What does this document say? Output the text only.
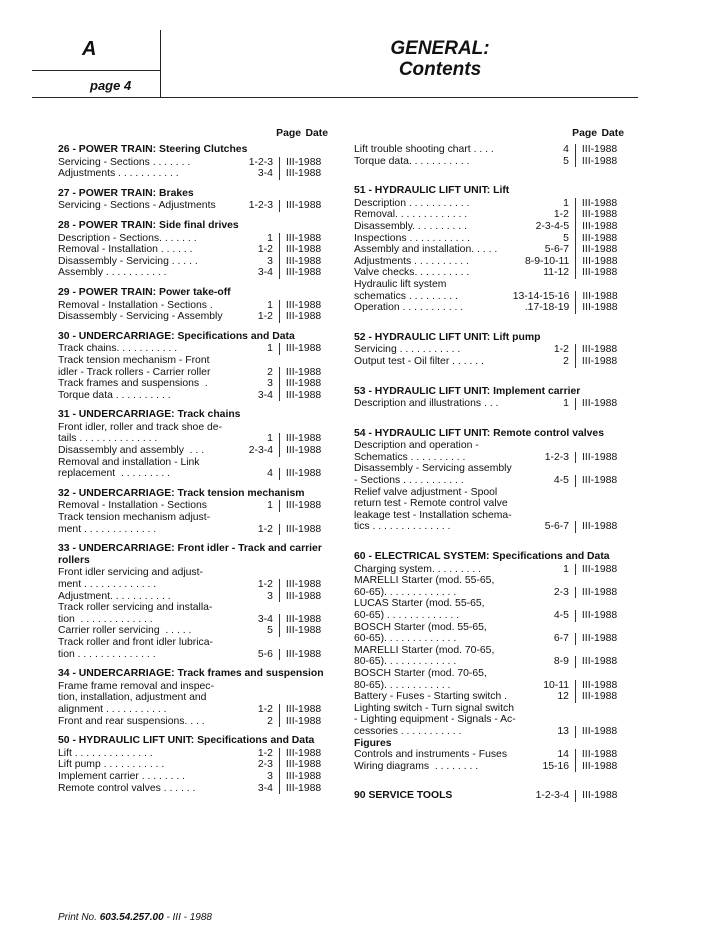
A
page 4
GENERAL:
Contents
Page Date
26 - POWER TRAIN: Steering Clutches
Servicing - Sections . . . . . . .	1-2-3	III-1988
Adjustments . . . . . . . . . . .	3-4	III-1988
27 - POWER TRAIN: Brakes
Servicing - Sections - Adjustments	1-2-3	III-1988
28 - POWER TRAIN: Side final drives
Description - Sections. . . . . . .	1	III-1988
Removal - Installation . . . . . .	1-2	III-1988
Disassembly - Servicing . . . . .	3	III-1988
Assembly . . . . . . . . . . .	3-4	III-1988
29 - POWER TRAIN: Power take-off
Removal - Installation - Sections .	1	III-1988
Disassembly - Servicing - Assembly	1-2	III-1988
30 - UNDERCARRIAGE: Specifications and Data
Track chains. . . . . . . . . . .	1	III-1988
Track tension mechanism - Front
idler - Track rollers - Carrier roller	2	III-1988
Track frames and suspensions  .	3	III-1988
Torque data . . . . . . . . . .	3-4	III-1988
31 - UNDERCARRIAGE: Track chains
Front idler, roller and track shoe de-
tails . . . . . . . . . . . . . .	1	III-1988
Disassembly and assembly  . . .	2-3-4	III-1988
Removal and installation - Link
replacement  . . . . . . . . .	4	III-1988
32 - UNDERCARRIAGE: Track tension mechanism
Removal - Installation - Sections	1	III-1988
Track tension mechanism adjust-
ment . . . . . . . . . . . . .	1-2	III-1988
33 - UNDERCARRIAGE: Front idler - Track and carrier rollers
Front idler servicing and adjust-
ment . . . . . . . . . . . . .	1-2	III-1988
Adjustment. . . . . . . . . . .	3	III-1988
Track roller servicing and installa-
tion  . . . . . . . . . . . . .	3-4	III-1988
Carrier roller servicing  . . . . .	5	III-1988
Track roller and front idler lubrica-
tion . . . . . . . . . . . . . .	5-6	III-1988
34 - UNDERCARRIAGE: Track frames and suspension
Frame frame removal and inspec-
tion, installation, adjustment and
alignment . . . . . . . . . . .	1-2	III-1988
Front and rear suspensions. . . .	2	III-1988
50 - HYDRAULIC LIFT UNIT: Specifications and Data
Lift . . . . . . . . . . . . . .	1-2	III-1988
Lift pump . . . . . . . . . . .	2-3	III-1988
Implement carrier . . . . . . . .	3	III-1988
Remote control valves . . . . . .	3-4	III-1988
Page Date
Lift trouble shooting chart . . . .	4	III-1988
Torque data. . . . . . . . . . .	5	III-1988
51 - HYDRAULIC LIFT UNIT: Lift
Description . . . . . . . . . . .	1	III-1988
Removal. . . . . . . . . . . . .	1-2	III-1988
Disassembly. . . . . . . . . .	2-3-4-5	III-1988
Inspections . . . . . . . . . . .	5	III-1988
Assembly and installation. . . . .	5-6-7	III-1988
Adjustments . . . . . . . . . .	8-9-10-11	III-1988
Valve checks. . . . . . . . . .	11-12	III-1988
Hydraulic lift system
schematics . . . . . . . . .	13-14-15-16	III-1988
Operation . . . . . . . . . . .	.17-18-19	III-1988
52 - HYDRAULIC LIFT UNIT: Lift pump
Servicing . . . . . . . . . . .	1-2	III-1988
Output test - Oil filter . . . . . .	2	III-1988
53 - HYDRAULIC LIFT UNIT: Implement carrier
Description and illustrations . . .	1	III-1988
54 - HYDRAULIC LIFT UNIT: Remote control valves
Description and operation -
Schematics . . . . . . . . . .	1-2-3	III-1988
Disassembly - Servicing assembly
- Sections . . . . . . . . . . .	4-5	III-1988
Relief valve adjustment - Spool
return test - Remote control valve
leakage test - Installation schema-
tics . . . . . . . . . . . . . .	5-6-7	III-1988
60 - ELECTRICAL SYSTEM: Specifications and Data
Charging system. . . . . . . . .	1	III-1988
MARELLI Starter (mod. 55-65,
60-65). . . . . . . . . . . . .	2-3	III-1988
LUCAS Starter (mod. 55-65,
60-65) . . . . . . . . . . . . .	4-5	III-1988
BOSCH Starter (mod. 55-65,
60-65). . . . . . . . . . . . .	6-7	III-1988
MARELLI Starter (mod. 70-65,
80-65). . . . . . . . . . . . .	8-9	III-1988
BOSCH Starter (mod. 70-65,
80-65). . . . . . . . . . . .	10-11	III-1988
Battery - Fuses - Starting switch .	12	III-1988
Lighting switch - Turn signal switch
- Lighting equipment - Signals - Ac-
cessories . . . . . . . . . . .	13	III-1988
Figures
Controls and instruments - Fuses	14	III-1988
Wiring diagrams  . . . . . . . .	15-16	III-1988
90 SERVICE TOOLS	1-2-3-4	III-1988
Print No. 603.54.257.00 - III - 1988
